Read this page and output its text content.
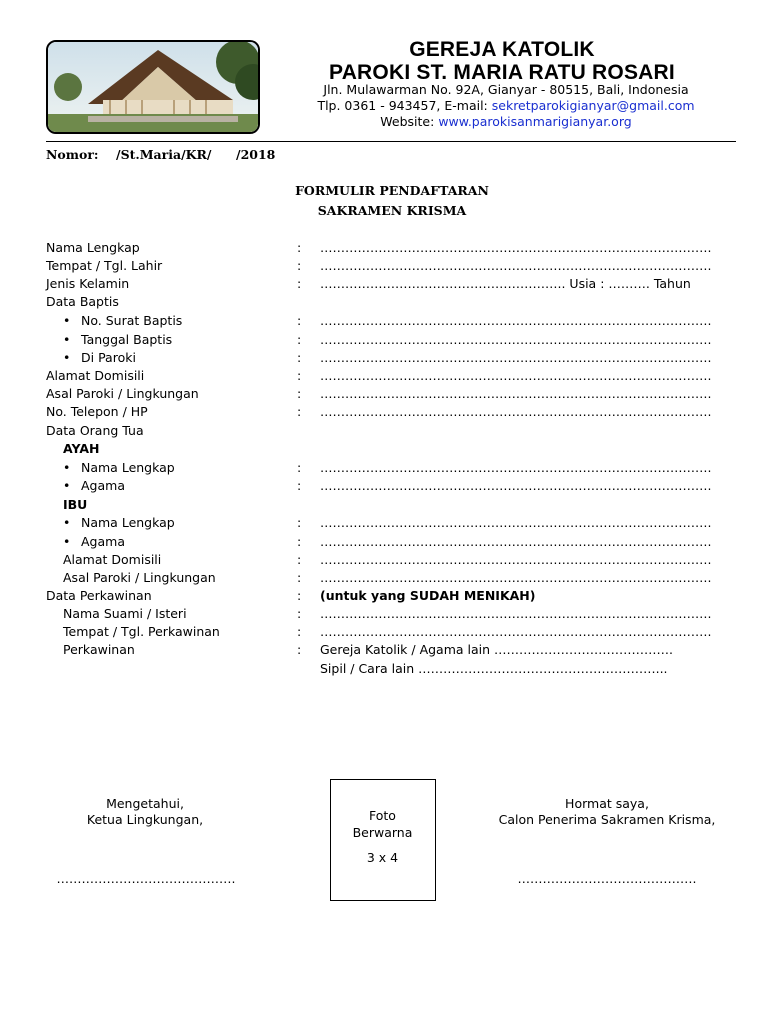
GEREJA KATOLIK
PAROKI ST. MARIA RATU ROSARI
Jln. Mulawarman No. 92A, Gianyar - 80515, Bali, Indonesia
Tlp. 0361 - 943457, E-mail: sekretparokigianyar@gmail.com
Website: www.parokisanmarigianyar.org
Nomor: /St.Maria/KR/ /2018
FORMULIR PENDAFTARAN
SAKRAMEN KRISMA
Nama Lengkap	: ………………………………………………………………………………….
Tempat / Tgl. Lahir	: ………………………………………………………………………………….
Jenis Kelamin	: ………………………………………………….. Usia : ………. Tahun
Data Baptis
• No. Surat Baptis	: ………………………………………………………………………………….
• Tanggal Baptis	: ………………………………………………………………………………….
• Di Paroki	: ………………………………………………………………………………….
Alamat Domisili	: ………………………………………………………………………………….
Asal Paroki / Lingkungan	: ………………………………………………………………………………….
No. Telepon / HP	: ………………………………………………………………………………….
Data Orang Tua
AYAH
• Nama Lengkap	: ………………………………………………………………………………….
• Agama	: ………………………………………………………………………………….
IBU
• Nama Lengkap	: ………………………………………………………………………………….
• Agama	: ………………………………………………………………………………….
Alamat Domisili	: ………………………………………………………………………………….
Asal Paroki / Lingkungan	: ………………………………………………………………………………….
Data Perkawinan	: (untuk yang SUDAH MENIKAH)
Nama Suami / Isteri	: ………………………………………………………………………………….
Tempat / Tgl. Perkawinan	: ………………………………………………………………………………….
Perkawinan	: Gereja Katolik / Agama lain …………………………………….
Sipil / Cara lain …………………………………………………...
Mengetahui,
Ketua Lingkungan,
…………………………………….
Foto
Berwarna
3 x 4
Hormat saya,
Calon Penerima Sakramen Krisma,
…………………………………….
